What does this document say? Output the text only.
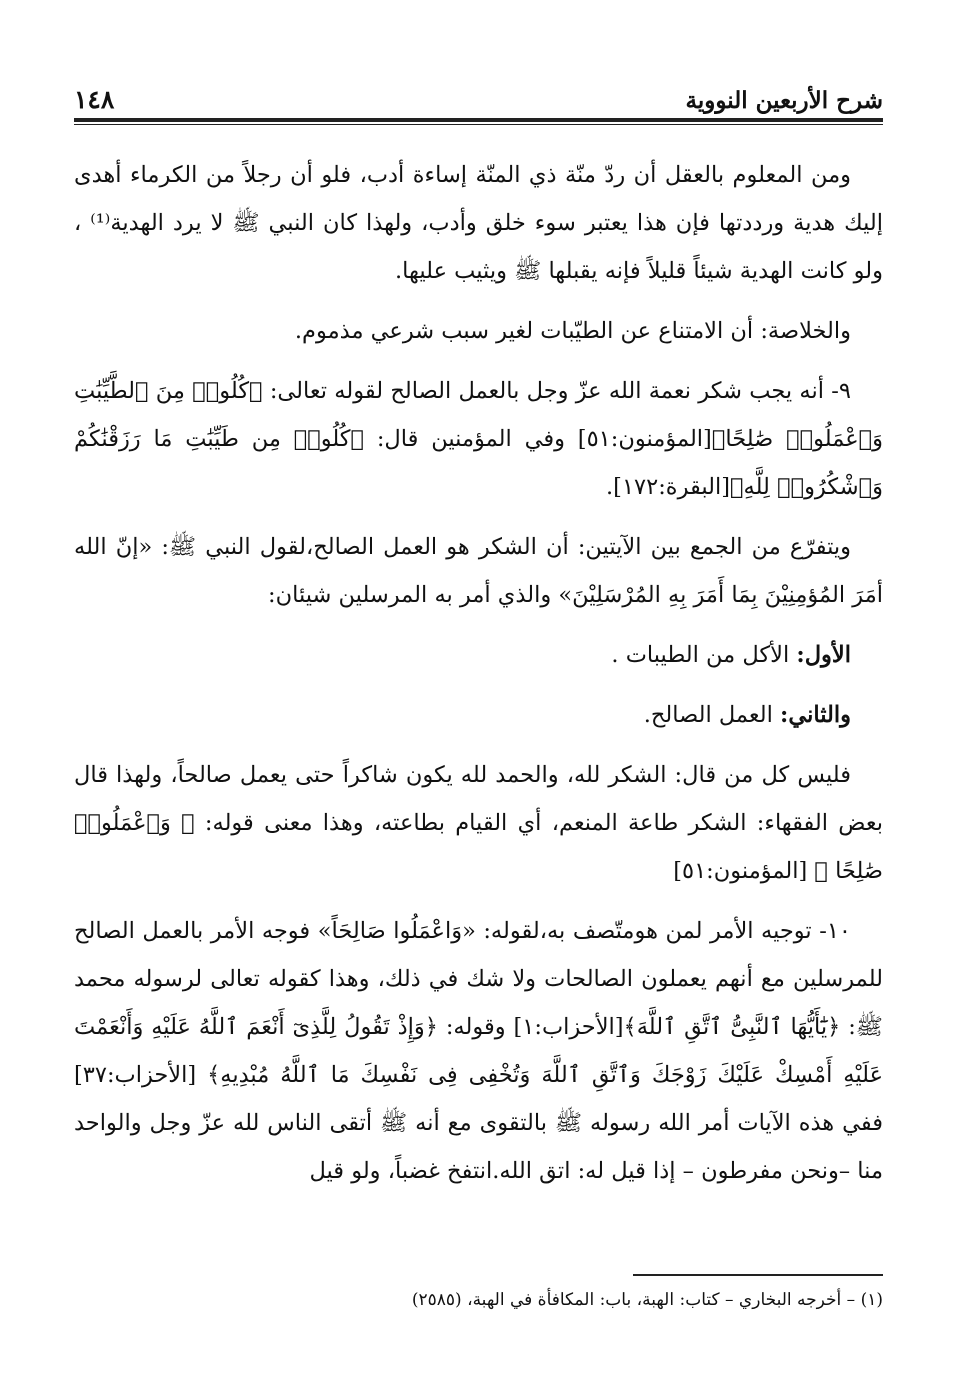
١٤٨	شرح الأربعين النووية

ومن المعلوم بالعقل أن ردّ منّة ذي المنّة إساءة أدب، فلو أن رجلاً من الكرماء أهدى إليك هدية ورددتها فإن هذا يعتبر سوء خلق وأدب، ولهذا كان النبي ﷺ لا يرد الهدية⁽¹⁾ ، ولو كانت الهدية شيئاً قليلاً فإنه يقبلها ﷺ ويثيب عليها.

والخلاصة: أن الامتناع عن الطيّبات لغير سبب شرعي مذموم.

٩- أنه يجب شكر نعمة الله عزّ وجل بالعمل الصالح لقوله تعالى: ﴿كُلُوا۟ مِنَ ٱلطَّيِّبَٰتِ وَٱعْمَلُوا۟ صَٰلِحًا﴾[المؤمنون:٥١] وفي المؤمنين قال: ﴿كُلُوا۟ مِن طَيِّبَٰتِ مَا رَزَقْنَٰكُمْ وَٱشْكُرُوا۟ لِلَّهِ﴾[البقرة:١٧٢].

ويتفرّع من الجمع بين الآيتين: أن الشكر هو العمل الصالح،لقول النبي ﷺ: «إنّ الله أمَرَ المُؤمِنِيْنَ بِمَا أَمَرَ بِهِ المُرْسَلِيْنَ» والذي أمر به المرسلين شيئان:

الأول: الأكل من الطيبات .

والثاني: العمل الصالح.

فليس كل من قال: الشكر لله، والحمد لله يكون شاكراً حتى يعمل صالحاً، ولهذا قال بعض الفقهاء: الشكر طاعة المنعم، أي القيام بطاعته، وهذا معنى قوله: ﴿ وَٱعْمَلُوا۟ صَٰلِحًا ﴾ [المؤمنون:٥١]

١٠- توجيه الأمر لمن هومتّصف به،لقوله: «وَاعْمَلُوا صَالِحَاً» فوجه الأمر بالعمل الصالح للمرسلين مع أنهم يعملون الصالحات ولا شك في ذلك، وهذا كقوله تعالى لرسوله محمد ﷺ: ﴿يَٰٓأَيُّهَا ٱلنَّبِىُّ ٱتَّقِ ٱللَّهَ﴾[الأحزاب:١] وقوله: ﴿وَإِذْ تَقُولُ لِلَّذِىٓ أَنْعَمَ ٱللَّهُ عَلَيْهِ وَأَنْعَمْتَ عَلَيْهِ أَمْسِكْ عَلَيْكَ زَوْجَكَ وَٱتَّقِ ٱللَّهَ وَتُخْفِى فِى نَفْسِكَ مَا ٱللَّهُ مُبْدِيهِ﴾ [الأحزاب:٣٧] ففي هذه الآيات أمر الله رسوله ﷺ بالتقوى مع أنه ﷺ أتقى الناس لله عزّ وجل والواحد منا –ونحن مفرطون – إذا قيل له: اتق الله.انتفخ غضباً، ولو قيل

(١) – أخرجه البخاري – كتاب: الهبة، باب: المكافأة في الهبة، (٢٥٨٥)
